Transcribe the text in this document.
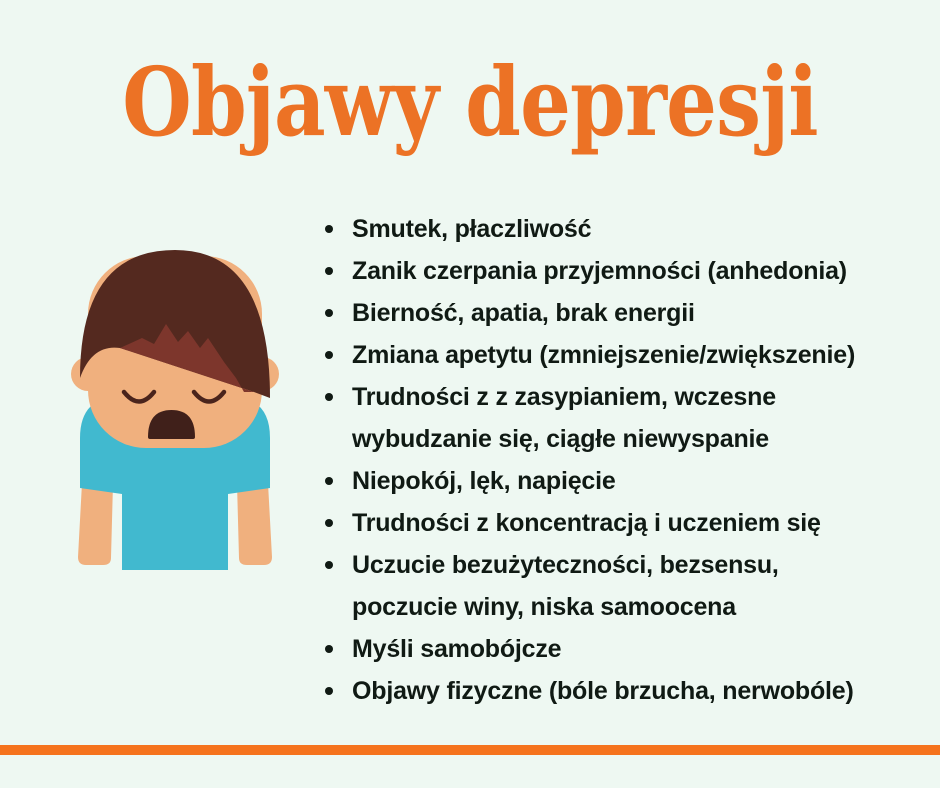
Objawy depresji
Smutek, płaczliwość
Zanik czerpania przyjemności (anhedonia)
Bierność, apatia, brak energii
Zmiana apetytu (zmniejszenie/zwiększenie)
Trudności z z zasypianiem, wczesne
wybudzanie się, ciągłe niewyspanie
Niepokój, lęk, napięcie
Trudności z koncentracją i uczeniem się
Uczucie bezużyteczności, bezsensu,
poczucie winy, niska samoocena
Myśli samobójcze
Objawy fizyczne (bóle brzucha, nerwobóle)
